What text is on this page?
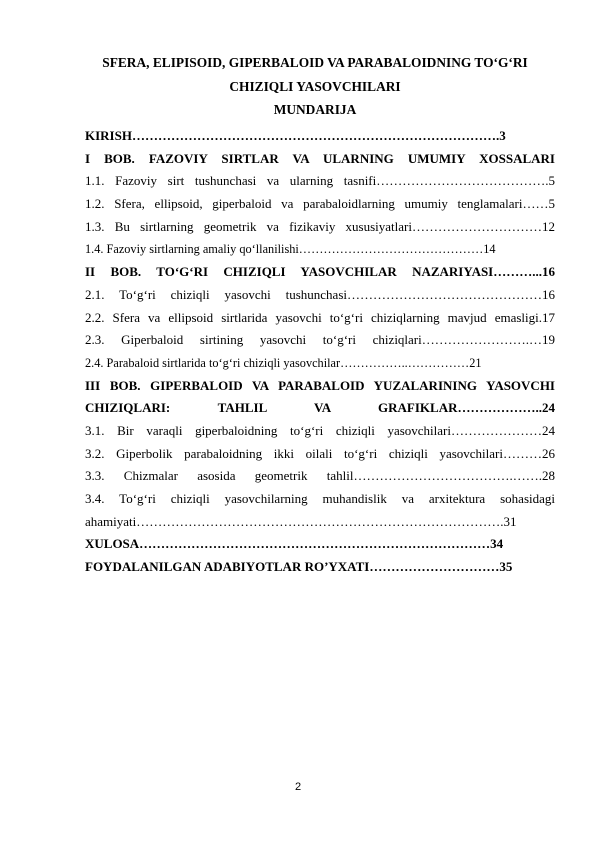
SFERA, ELIPISOID, GIPERBALOID VA PARABALOIDNING TO‘G‘RI
CHIZIQLI YASOVCHILARI
MUNDARIJA
KIRISH………………………………………………………………………….3
I BOB. FAZOVIY SIRTLAR VA ULARNING UMUMIY XOSSALARI
1.1. Fazoviy sirt tushunchasi va ularning tasnifi………………………………….5
1.2. Sfera, ellipsoid, giperbaloid va parabaloidlarning umumiy tenglamalari……5
1.3. Bu sirtlarning geometrik va fizikaviy xususiyatlari…………………………12
1.4. Fazoviy sirtlarning amaliy qo‘llanilishi………………………………………14
II BOB. TO‘G‘RI CHIZIQLI YASOVCHILAR NAZARIYASI………...16
2.1. To‘g‘ri chiziqli yasovchi tushunchasi………………………………………16
2.2. Sfera va ellipsoid sirtlarida yasovchi to‘g‘ri chiziqlarning mavjud emasligi.17
2.3. Giperbaloid sirtining yasovchi to‘g‘ri chiziqlari…………………….…19
2.4. Parabaloid sirtlarida to‘g‘ri chiziqli yasovchilar……………..……………21
III BOB. GIPERBALOID VA PARABALOID YUZALARINING YASOVCHI
CHIZIQLARI: TAHLIL VA GRAFIKLAR………………..24
3.1. Bir varaqli giperbaloidning to‘g‘ri chiziqli yasovchilari…………………24
3.2. Giperbolik parabaloidning ikki oilali to‘g‘ri chiziqli yasovchilari………26
3.3. Chizmalar asosida geometrik tahlil……………………………….…….28
3.4. To‘g‘ri chiziqli yasovchilarning muhandislik va arxitektura sohasidagi
ahamiyati………………………………………………………………………….31
XULOSA………………………………………………………………………34
FOYDALANILGAN ADABIYOTLAR RO’YXATI…………………………35
2
